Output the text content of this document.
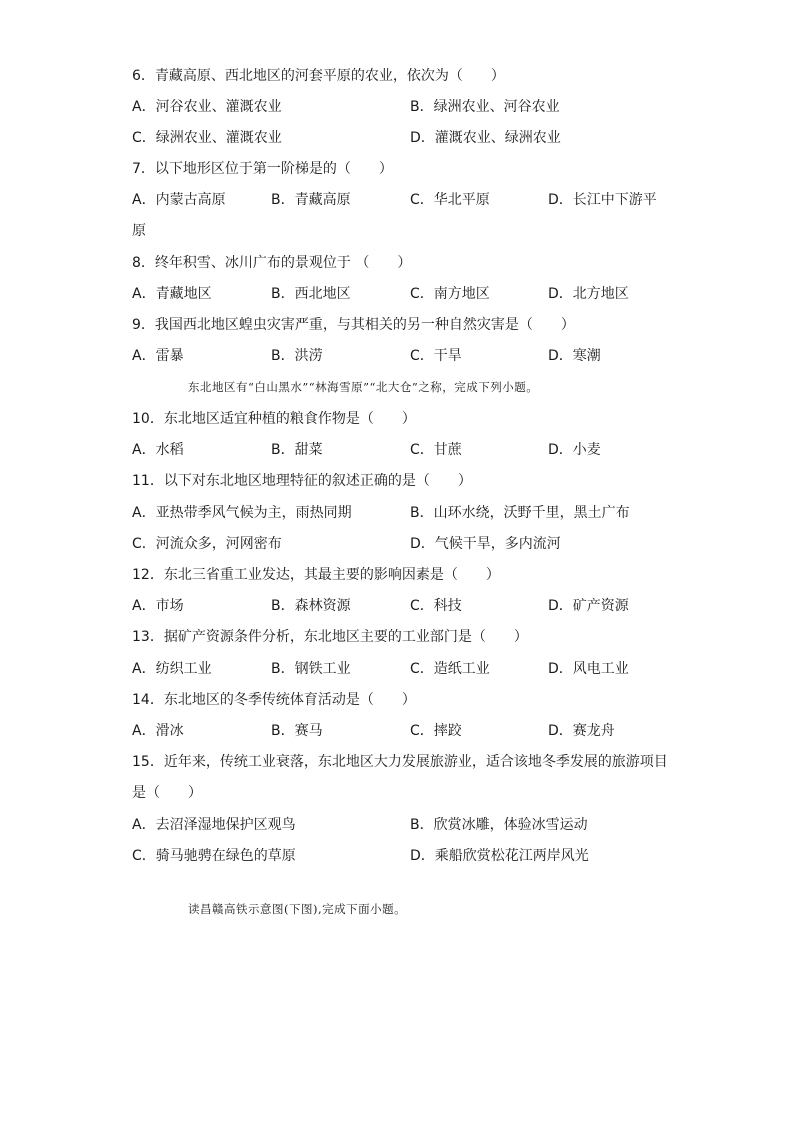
6．青藏高原、西北地区的河套平原的农业，依次为（　　）
A．河谷农业、灌溉农业	B．绿洲农业、河谷农业
C．绿洲农业、灌溉农业	D．灌溉农业、绿洲农业
7．以下地形区位于第一阶梯是的（　　）
A．内蒙古高原	B．青藏高原	C．华北平原	D．长江中下游平
原
8．终年积雪、冰川广布的景观位于 （　　）
A．青藏地区	B．西北地区	C．南方地区	D．北方地区
9．我国西北地区蝗虫灾害严重，与其相关的另一种自然灾害是（　　）
A．雷暴	B．洪涝	C．干旱	D．寒潮
东北地区有“白山黑水”“林海雪原”“北大仓”之称，完成下列小题。
10．东北地区适宜种植的粮食作物是（　　）
A．水稻	B．甜菜	C．甘蔗	D．小麦
11．以下对东北地区地理特征的叙述正确的是（　　）
A．亚热带季风气候为主，雨热同期	B．山环水绕，沃野千里，黑土广布
C．河流众多，河网密布	D．气候干旱，多内流河
12．东北三省重工业发达，其最主要的影响因素是（　　）
A．市场	B．森林资源	C．科技	D．矿产资源
13．据矿产资源条件分析，东北地区主要的工业部门是（　　）
A．纺织工业	B．钢铁工业	C．造纸工业	D．风电工业
14．东北地区的冬季传统体育活动是（　　）
A．滑冰	B．赛马	C．摔跤	D．赛龙舟
15．近年来，传统工业衰落，东北地区大力发展旅游业，适合该地冬季发展的旅游项目
是（　　）
A．去沼泽湿地保护区观鸟	B．欣赏冰雕，体验冰雪运动
C．骑马驰骋在绿色的草原	D．乘船欣赏松花江两岸风光
读昌赣高铁示意图(下图),完成下面小题。
